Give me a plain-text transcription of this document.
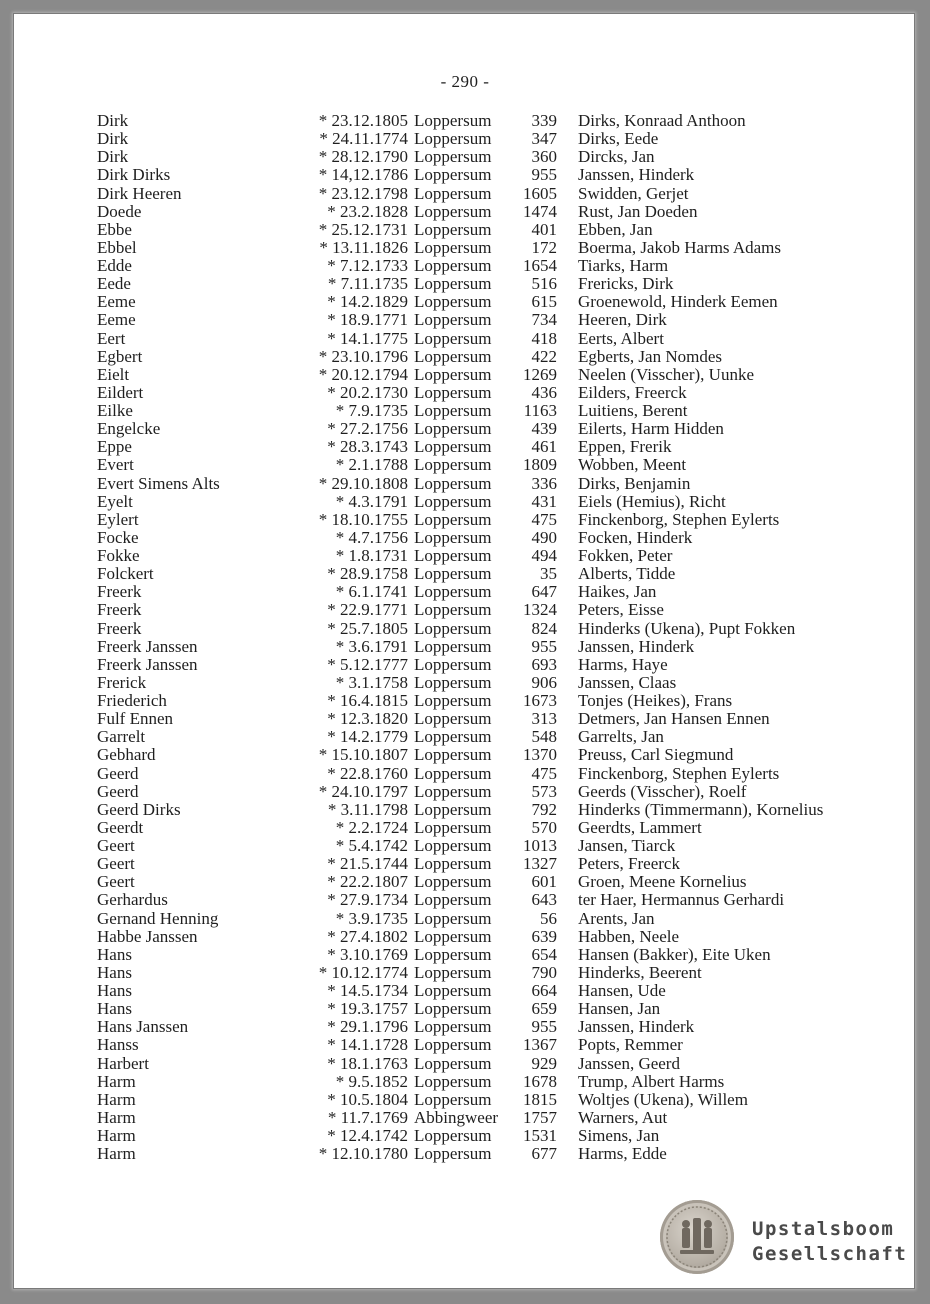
- 290 -
Dirk	* 23.12.1805 Loppersum	339 Dirks, Konraad Anthoon
Dirk	* 24.11.1774 Loppersum	347 Dirks, Eede
Dirk	* 28.12.1790 Loppersum	360 Dircks, Jan
Dirk Dirks	* 14,12.1786 Loppersum	955 Janssen, Hinderk
Dirk Heeren	* 23.12.1798 Loppersum	1605 Swidden, Gerjet
Doede	* 23.2.1828 Loppersum	1474 Rust, Jan Doeden
Ebbe	* 25.12.1731 Loppersum	401 Ebben, Jan
Ebbel	* 13.11.1826 Loppersum	172 Boerma, Jakob Harms Adams
Edde	* 7.12.1733 Loppersum	1654 Tiarks, Harm
Eede	* 7.11.1735 Loppersum	516 Frericks, Dirk
Eeme	* 14.2.1829 Loppersum	615 Groenewold, Hinderk Eemen
Eeme	* 18.9.1771 Loppersum	734 Heeren, Dirk
Eert	* 14.1.1775 Loppersum	418 Eerts, Albert
Egbert	* 23.10.1796 Loppersum	422 Egberts, Jan Nomdes
Eielt	* 20.12.1794 Loppersum	1269 Neelen (Visscher), Uunke
Eildert	* 20.2.1730 Loppersum	436 Eilders, Freerck
Eilke	* 7.9.1735 Loppersum	1163 Luitiens, Berent
Engelcke	* 27.2.1756 Loppersum	439 Eilerts, Harm Hidden
Eppe	* 28.3.1743 Loppersum	461 Eppen, Frerik
Evert	* 2.1.1788 Loppersum	1809 Wobben, Meent
Evert Simens Alts	* 29.10.1808 Loppersum	336 Dirks, Benjamin
Eyelt	* 4.3.1791 Loppersum	431 Eiels (Hemius), Richt
Eylert	* 18.10.1755 Loppersum	475 Finckenborg, Stephen Eylerts
Focke	* 4.7.1756 Loppersum	490 Focken, Hinderk
Fokke	* 1.8.1731 Loppersum	494 Fokken, Peter
Folckert	* 28.9.1758 Loppersum	35 Alberts, Tidde
Freerk	* 6.1.1741 Loppersum	647 Haikes, Jan
Freerk	* 22.9.1771 Loppersum	1324 Peters, Eisse
Freerk	* 25.7.1805 Loppersum	824 Hinderks (Ukena), Pupt Fokken
Freerk Janssen	* 3.6.1791 Loppersum	955 Janssen, Hinderk
Freerk Janssen	* 5.12.1777 Loppersum	693 Harms, Haye
Frerick	* 3.1.1758 Loppersum	906 Janssen, Claas
Friederich	* 16.4.1815 Loppersum	1673 Tonjes (Heikes), Frans
Fulf Ennen	* 12.3.1820 Loppersum	313 Detmers, Jan Hansen Ennen
Garrelt	* 14.2.1779 Loppersum	548 Garrelts, Jan
Gebhard	* 15.10.1807 Loppersum	1370 Preuss, Carl Siegmund
Geerd	* 22.8.1760 Loppersum	475 Finckenborg, Stephen Eylerts
Geerd	* 24.10.1797 Loppersum	573 Geerds (Visscher), Roelf
Geerd Dirks	* 3.11.1798 Loppersum	792 Hinderks (Timmermann), Kornelius
Geerdt	* 2.2.1724 Loppersum	570 Geerdts, Lammert
Geert	* 5.4.1742 Loppersum	1013 Jansen, Tiarck
Geert	* 21.5.1744 Loppersum	1327 Peters, Freerck
Geert	* 22.2.1807 Loppersum	601 Groen, Meene Kornelius
Gerhardus	* 27.9.1734 Loppersum	643 ter Haer, Hermannus Gerhardi
Gernand Henning	* 3.9.1735 Loppersum	56 Arents, Jan
Habbe Janssen	* 27.4.1802 Loppersum	639 Habben, Neele
Hans	* 3.10.1769 Loppersum	654 Hansen (Bakker), Eite Uken
Hans	* 10.12.1774 Loppersum	790 Hinderks, Beerent
Hans	* 14.5.1734 Loppersum	664 Hansen, Ude
Hans	* 19.3.1757 Loppersum	659 Hansen, Jan
Hans Janssen	* 29.1.1796 Loppersum	955 Janssen, Hinderk
Hanss	* 14.1.1728 Loppersum	1367 Popts, Remmer
Harbert	* 18.1.1763 Loppersum	929 Janssen, Geerd
Harm	* 9.5.1852 Loppersum	1678 Trump, Albert Harms
Harm	* 10.5.1804 Loppersum	1815 Woltjes (Ukena), Willem
Harm	* 11.7.1769 Abbingweer	1757 Warners, Aut
Harm	* 12.4.1742 Loppersum	1531 Simens, Jan
Harm	* 12.10.1780 Loppersum	677 Harms, Edde
Upstalsboom
Gesellschaft
